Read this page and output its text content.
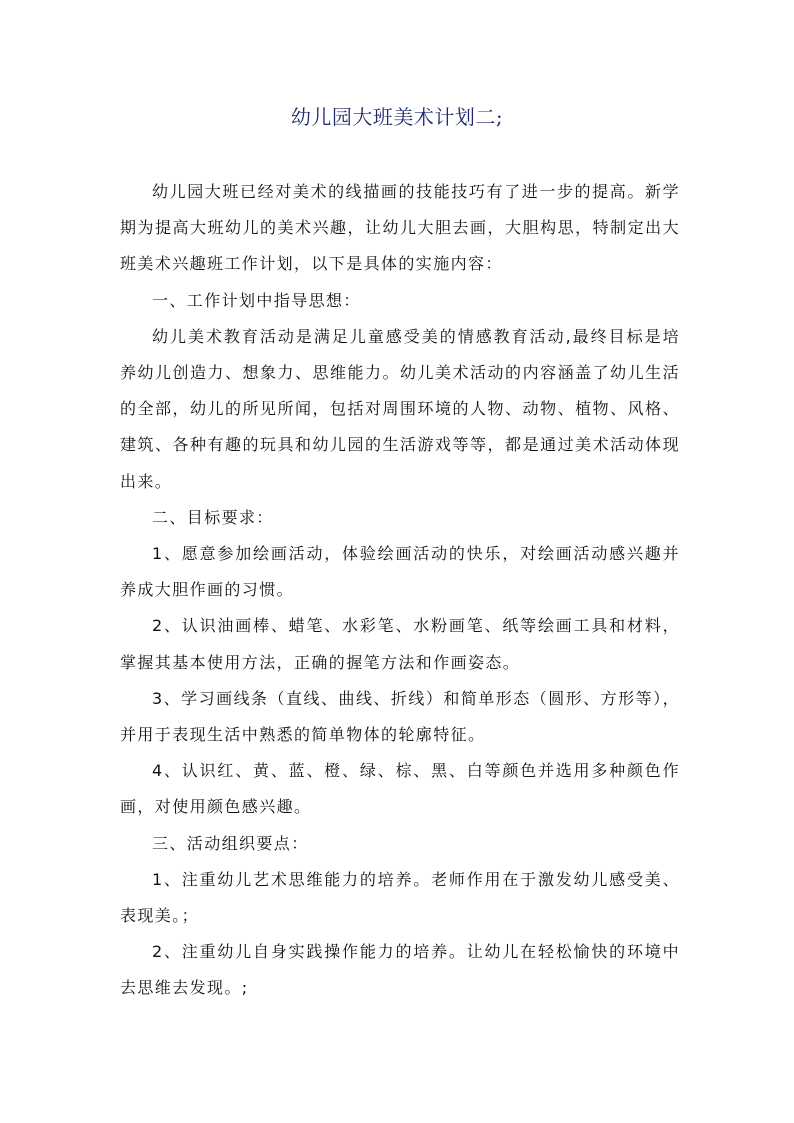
幼儿园大班美术计划二;

幼儿园大班已经对美术的线描画的技能技巧有了进一步的提高。新学期为提高大班幼儿的美术兴趣，让幼儿大胆去画，大胆构思，特制定出大班美术兴趣班工作计划，以下是具体的实施内容：

一、工作计划中指导思想：

幼儿美术教育活动是满足儿童感受美的情感教育活动,最终目标是培养幼儿创造力、想象力、思维能力。幼儿美术活动的内容涵盖了幼儿生活的全部，幼儿的所见所闻，包括对周围环境的人物、动物、植物、风格、建筑、各种有趣的玩具和幼儿园的生活游戏等等，都是通过美术活动体现出来。

二、目标要求：

1、愿意参加绘画活动，体验绘画活动的快乐，对绘画活动感兴趣并养成大胆作画的习惯。

2、认识油画棒、蜡笔、水彩笔、水粉画笔、纸等绘画工具和材料，掌握其基本使用方法，正确的握笔方法和作画姿态。

3、学习画线条（直线、曲线、折线）和简单形态（圆形、方形等），并用于表现生活中熟悉的简单物体的轮廓特征。

4、认识红、黄、蓝、橙、绿、棕、黑、白等颜色并选用多种颜色作画，对使用颜色感兴趣。

三、活动组织要点：

1、注重幼儿艺术思维能力的培养。老师作用在于激发幼儿感受美、表现美。；

2、注重幼儿自身实践操作能力的培养。让幼儿在轻松愉快的环境中去思维去发现。;
